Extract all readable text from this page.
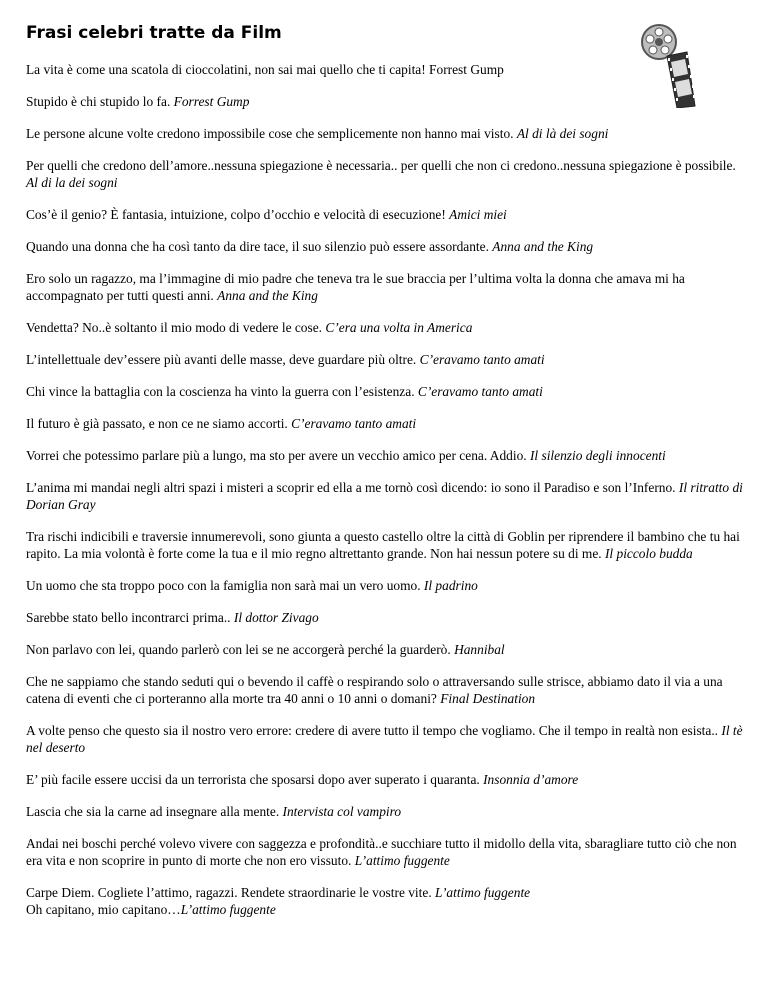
Frasi celebri tratte da Film

La vita è come una scatola di cioccolatini, non sai mai quello che ti capita! Forrest Gump

Stupido è chi stupido lo fa. Forrest Gump

Le persone alcune volte credono impossibile cose che semplicemente non hanno mai visto. Al di là dei sogni

Per quelli che credono dell’amore..nessuna spiegazione è necessaria.. per quelli che non ci credono..nessuna spiegazione è possibile. Al di la dei sogni

Cos’è il genio? È fantasia, intuizione, colpo d’occhio e velocità di esecuzione! Amici miei

Quando una donna che ha così tanto da dire tace, il suo silenzio può essere assordante. Anna and the King

Ero solo un ragazzo, ma l’immagine di mio padre che teneva tra le sue braccia per l’ultima volta la donna che amava mi ha accompagnato per tutti questi anni. Anna and the King

Vendetta? No..è soltanto il mio modo di vedere le cose. C’era una volta in America

L’intellettuale dev’essere più avanti delle masse, deve guardare più oltre. C’eravamo tanto amati

Chi vince la battaglia con la coscienza ha vinto la guerra con l’esistenza. C’eravamo tanto amati

Il futuro è già passato, e non ce ne siamo accorti. C’eravamo tanto amati

Vorrei che potessimo parlare più a lungo, ma sto per avere un vecchio amico per cena. Addio. Il silenzio degli innocenti

L’anima mi mandai negli altri spazi i misteri a scoprir ed ella a me tornò così dicendo: io sono il Paradiso e son l’Inferno. Il ritratto di Dorian Gray

Tra rischi indicibili e traversie innumerevoli, sono giunta a questo castello oltre la città di Goblin per riprendere il bambino che tu hai rapito. La mia volontà è forte come la tua e il mio regno altrettanto grande. Non hai nessun potere su di me. Il piccolo budda

Un uomo che sta troppo poco con la famiglia non sarà mai un vero uomo. Il padrino

Sarebbe stato bello incontrarci prima.. Il dottor Zivago

Non parlavo con lei, quando parlerò con lei se ne accorgerà perché la guarderò. Hannibal

Che ne sappiamo che stando seduti qui o bevendo il caffè o respirando solo o attraversando sulle strisce, abbiamo dato il via a una catena di eventi che ci porteranno alla morte tra 40 anni o 10 anni o domani? Final Destination

A volte penso che questo sia il nostro vero errore: credere di avere tutto il tempo che vogliamo. Che il tempo in realtà non esista.. Il tè nel deserto

E’ più facile essere uccisi da un terrorista che sposarsi dopo aver superato i quaranta. Insonnia d’amore

Lascia che sia la carne ad insegnare alla mente. Intervista col vampiro

Andai nei boschi perché volevo vivere con saggezza e profondità..e succhiare tutto il midollo della vita, sbaragliare tutto ciò che non era vita e non scoprire in punto di morte che non ero vissuto. L’attimo fuggente

Carpe Diem. Cogliete l’attimo, ragazzi. Rendete straordinarie le vostre vite. L’attimo fuggente

Oh capitano, mio capitano…L’attimo fuggente
